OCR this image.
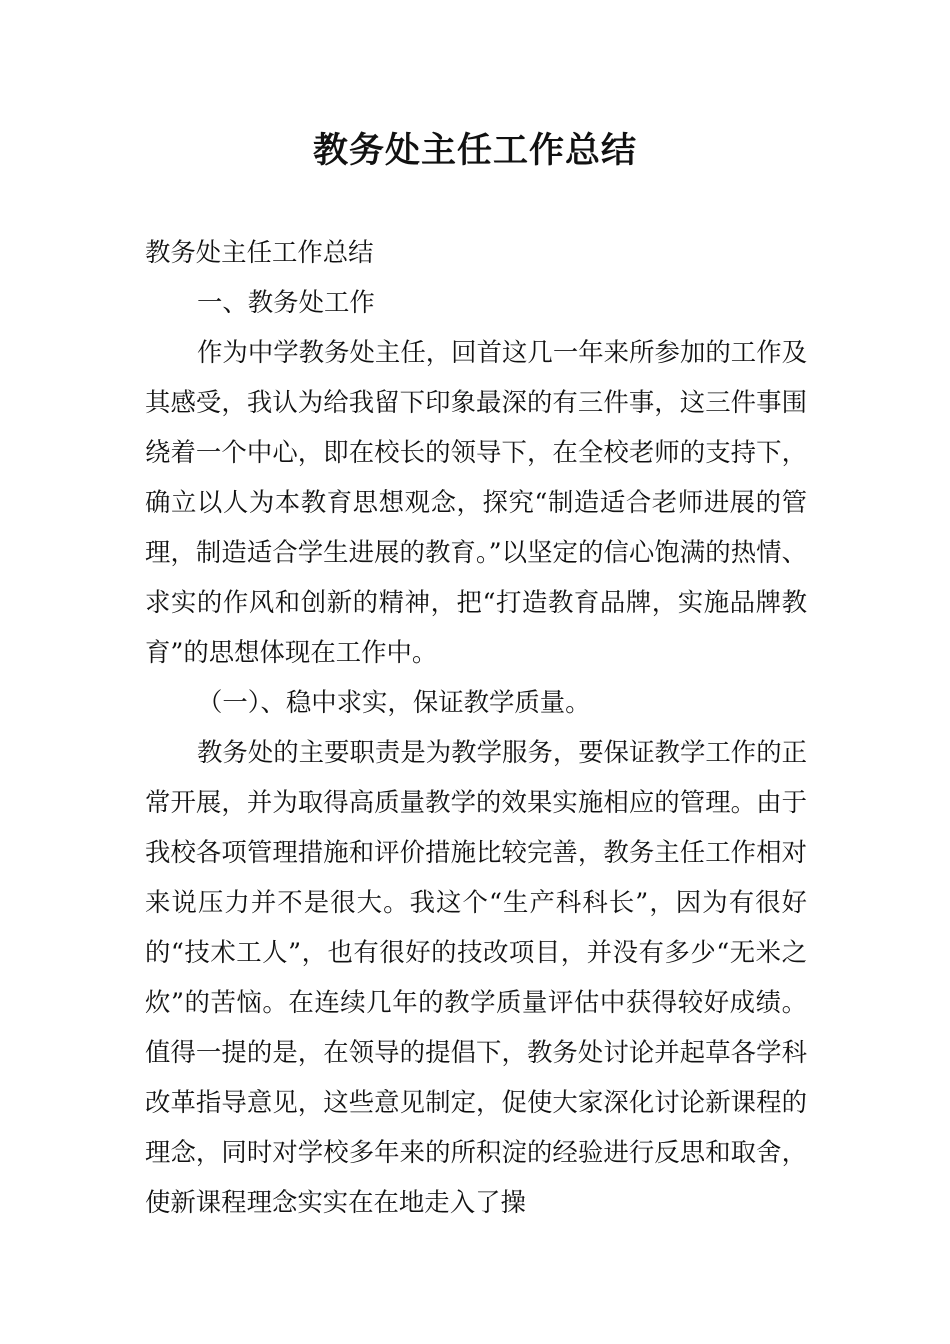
教务处主任工作总结

教务处主任工作总结

一、教务处工作

作为中学教务处主任，回首这几一年来所参加的工作及其感受，我认为给我留下印象最深的有三件事，这三件事围绕着一个中心，即在校长的领导下，在全校老师的支持下，确立以人为本教育思想观念，探究“制造适合老师进展的管理，制造适合学生进展的教育。”以坚定的信心饱满的热情、求实的作风和创新的精神，把“打造教育品牌，实施品牌教育”的思想体现在工作中。

（一）、稳中求实，保证教学质量。

教务处的主要职责是为教学服务，要保证教学工作的正常开展，并为取得高质量教学的效果实施相应的管理。由于我校各项管理措施和评价措施比较完善，教务主任工作相对来说压力并不是很大。我这个“生产科科长”，因为有很好的“技术工人”，也有很好的技改项目，并没有多少“无米之炊”的苦恼。在连续几年的教学质量评估中获得较好成绩。 值得一提的是，在领导的提倡下，教务处讨论并起草各学科改革指导意见，这些意见制定，促使大家深化讨论新课程的理念，同时对学校多年来的所积淀的经验进行反思和取舍，使新课程理念实实在在地走入了操
